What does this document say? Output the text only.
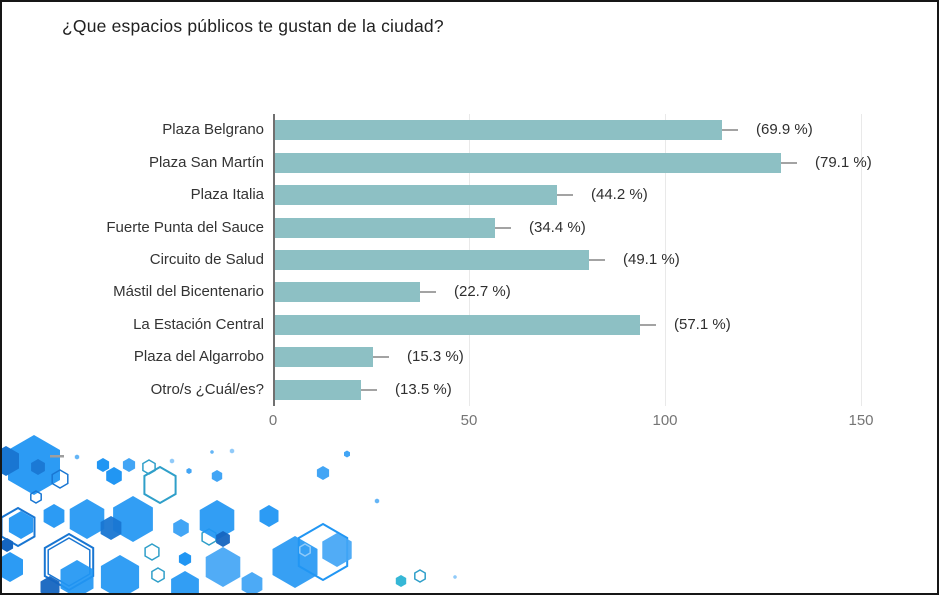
¿Que espacios públicos te gustan de la ciudad?
Plaza Belgrano	(69.9 %)
Plaza San Martín	(79.1 %)
Plaza Italia	(44.2 %)
Fuerte Punta del Sauce	(34.4 %)
Circuito de Salud	(49.1 %)
Mástil del Bicentenario	(22.7 %)
La Estación Central	(57.1 %)
Plaza del Algarrobo	(15.3 %)
Otro/s ¿Cuál/es?	(13.5 %)
0	50	100	150
